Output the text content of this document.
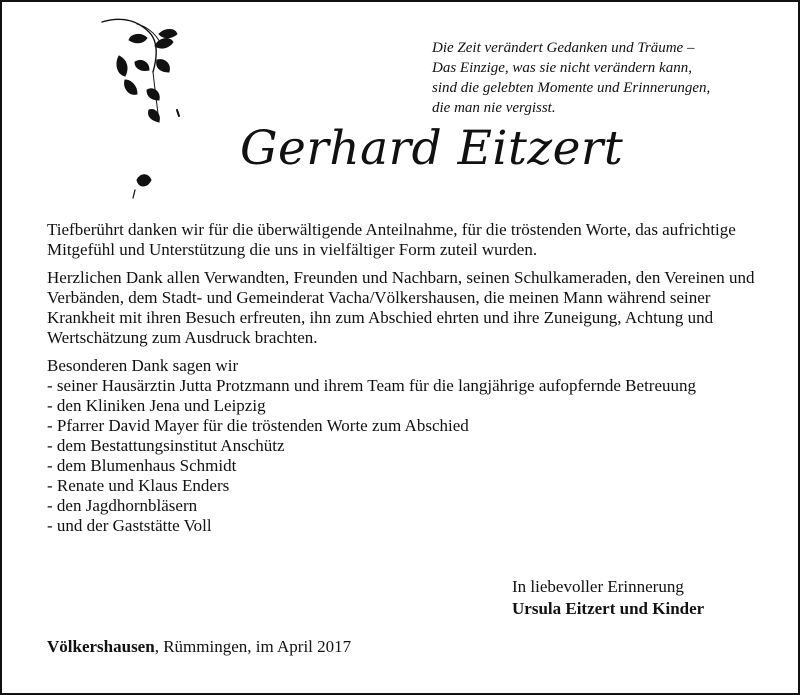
Die Zeit verändert Gedanken und Träume –
Das Einzige, was sie nicht verändern kann,
sind die gelebten Momente und Erinnerungen,
die man nie vergisst.
Gerhard Eitzert

Tiefberührt danken wir für die überwältigende Anteilnahme, für die tröstenden Worte, das aufrichtige Mitgefühl und Unterstützung die uns in vielfältiger Form zuteil wurden.

Herzlichen Dank allen Verwandten, Freunden und Nachbarn, seinen Schulkameraden, den Vereinen und Verbänden, dem Stadt- und Gemeinderat Vacha/Völkershausen, die meinen Mann während seiner Krankheit mit ihren Besuch erfreuten, ihn zum Abschied ehrten und ihre Zuneigung, Achtung und Wertschätzung zum Ausdruck brachten.

Besonderen Dank sagen wir
- seiner Hausärztin Jutta Protzmann und ihrem Team für die langjährige aufopfernde Betreuung
- den Kliniken Jena und Leipzig
- Pfarrer David Mayer für die tröstenden Worte zum Abschied
- dem Bestattungsinstitut Anschütz
- dem Blumenhaus Schmidt
- Renate und Klaus Enders
- den Jagdhornbläsern
- und der Gaststätte Voll
In liebevoller Erinnerung
Ursula Eitzert und Kinder
Völkershausen, Rümmingen, im April 2017
